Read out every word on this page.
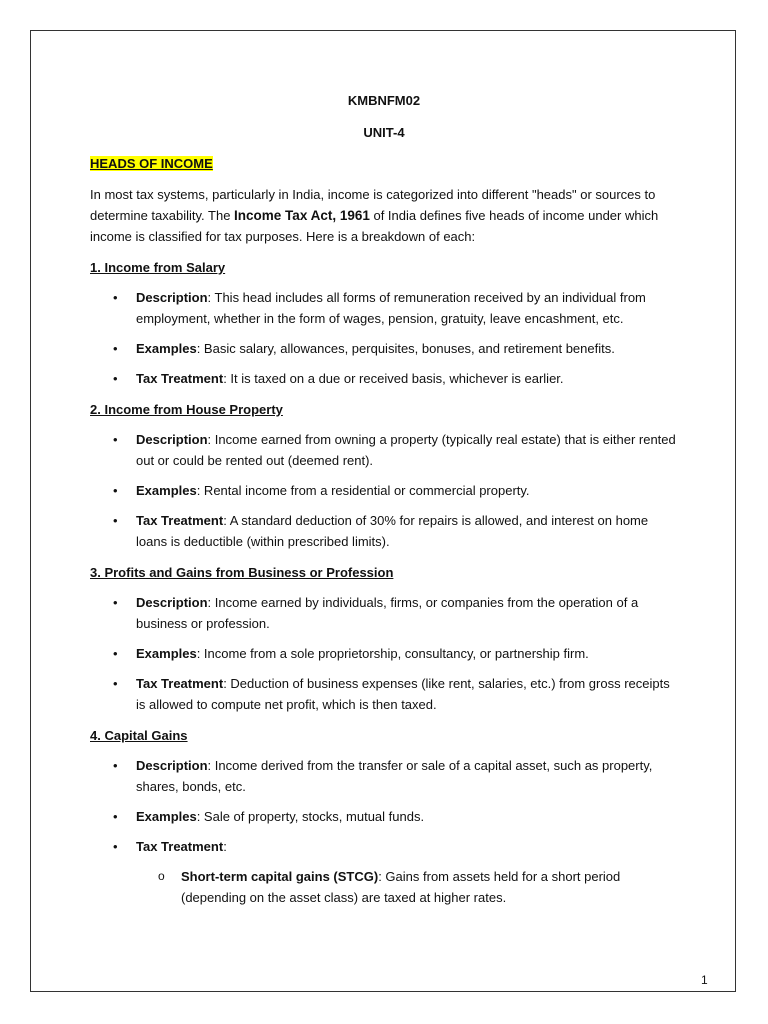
KMBNFM02
UNIT-4
1
HEADS OF INCOME

In most tax systems, particularly in India, income is categorized into different "heads" or sources to determine taxability. The Income Tax Act, 1961 of India defines five heads of income under which income is classified for tax purposes. Here is a breakdown of each:

1. Income from Salary
• Description: This head includes all forms of remuneration received by an individual from employment, whether in the form of wages, pension, gratuity, leave encashment, etc.
• Examples: Basic salary, allowances, perquisites, bonuses, and retirement benefits.
• Tax Treatment: It is taxed on a due or received basis, whichever is earlier.
2. Income from House Property
• Description: Income earned from owning a property (typically real estate) that is either rented out or could be rented out (deemed rent).
• Examples: Rental income from a residential or commercial property.
• Tax Treatment: A standard deduction of 30% for repairs is allowed, and interest on home loans is deductible (within prescribed limits).
3. Profits and Gains from Business or Profession
• Description: Income earned by individuals, firms, or companies from the operation of a business or profession.
• Examples: Income from a sole proprietorship, consultancy, or partnership firm.
• Tax Treatment: Deduction of business expenses (like rent, salaries, etc.) from gross receipts is allowed to compute net profit, which is then taxed.
4. Capital Gains
• Description: Income derived from the transfer or sale of a capital asset, such as property, shares, bonds, etc.
• Examples: Sale of property, stocks, mutual funds.
• Tax Treatment:
o Short-term capital gains (STCG): Gains from assets held for a short period (depending on the asset class) are taxed at higher rates.
